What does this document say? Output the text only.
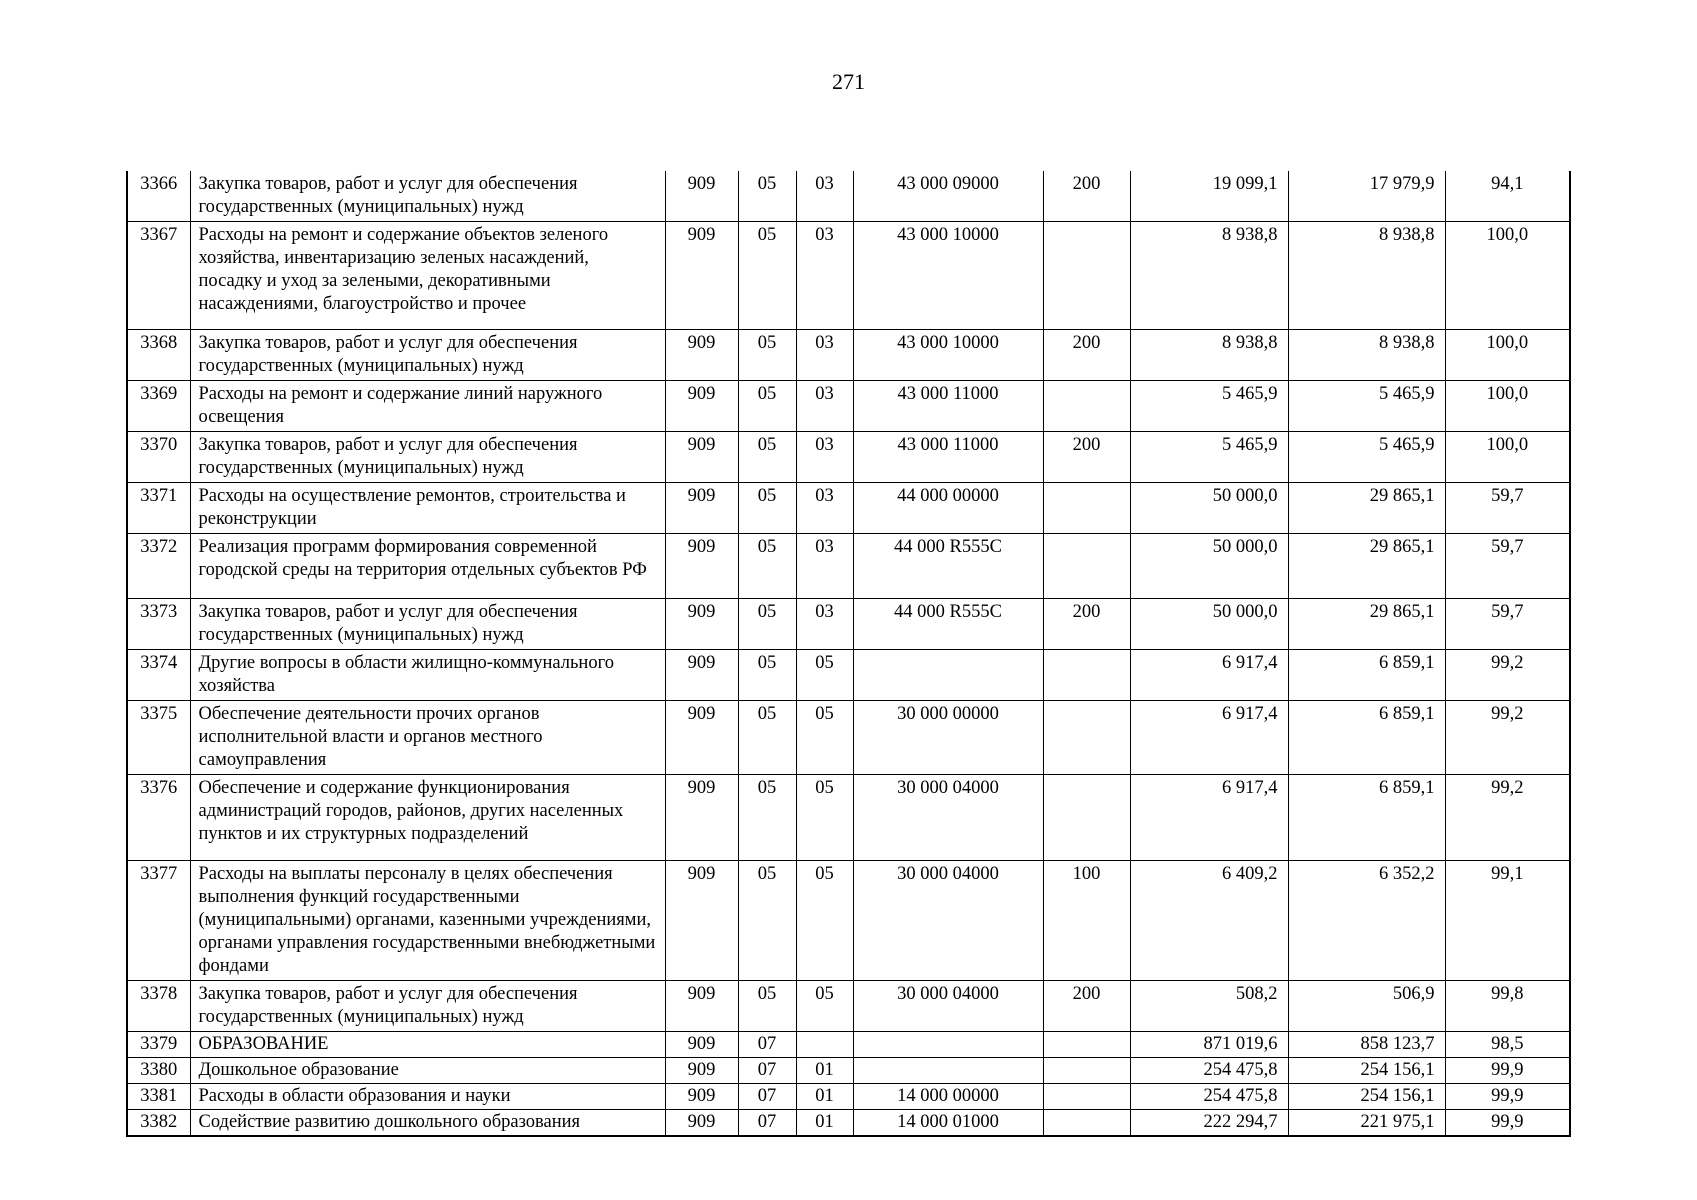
271
3366	Закупка товаров, работ и услуг для обеспечения государственных (муниципальных) нужд	909	05	03	43 000 09000	200	19 099,1	17 979,9	94,1
3367	Расходы на ремонт и содержание объектов зеленого хозяйства, инвентаризацию зеленых насаждений, посадку и уход за зелеными, декоративными насаждениями, благоустройство и прочее	909	05	03	43 000 10000		8 938,8	8 938,8	100,0
3368	Закупка товаров, работ и услуг для обеспечения государственных (муниципальных) нужд	909	05	03	43 000 10000	200	8 938,8	8 938,8	100,0
3369	Расходы на ремонт и содержание линий наружного освещения	909	05	03	43 000 11000		5 465,9	5 465,9	100,0
3370	Закупка товаров, работ и услуг для обеспечения государственных (муниципальных) нужд	909	05	03	43 000 11000	200	5 465,9	5 465,9	100,0
3371	Расходы на осуществление ремонтов, строительства и реконструкции	909	05	03	44 000 00000		50 000,0	29 865,1	59,7
3372	Реализация программ формирования современной городской среды на территория отдельных субъектов РФ	909	05	03	44 000 R555C		50 000,0	29 865,1	59,7
3373	Закупка товаров, работ и услуг для обеспечения государственных (муниципальных) нужд	909	05	03	44 000 R555C	200	50 000,0	29 865,1	59,7
3374	Другие вопросы в области жилищно-коммунального хозяйства	909	05	05			6 917,4	6 859,1	99,2
3375	Обеспечение деятельности прочих органов исполнительной власти и органов местного самоуправления	909	05	05	30 000 00000		6 917,4	6 859,1	99,2
3376	Обеспечение и содержание функционирования администраций городов, районов, других населенных пунктов и их структурных подразделений	909	05	05	30 000 04000		6 917,4	6 859,1	99,2
3377	Расходы на выплаты персоналу в целях обеспечения выполнения функций государственными (муниципальными) органами, казенными учреждениями, органами управления государственными внебюджетными фондами	909	05	05	30 000 04000	100	6 409,2	6 352,2	99,1
3378	Закупка товаров, работ и услуг для обеспечения государственных (муниципальных) нужд	909	05	05	30 000 04000	200	508,2	506,9	99,8
3379	ОБРАЗОВАНИЕ	909	07				871 019,6	858 123,7	98,5
3380	Дошкольное образование	909	07	01			254 475,8	254 156,1	99,9
3381	Расходы в области образования и науки	909	07	01	14 000 00000		254 475,8	254 156,1	99,9
3382	Содействие развитию дошкольного образования	909	07	01	14 000 01000		222 294,7	221 975,1	99,9
